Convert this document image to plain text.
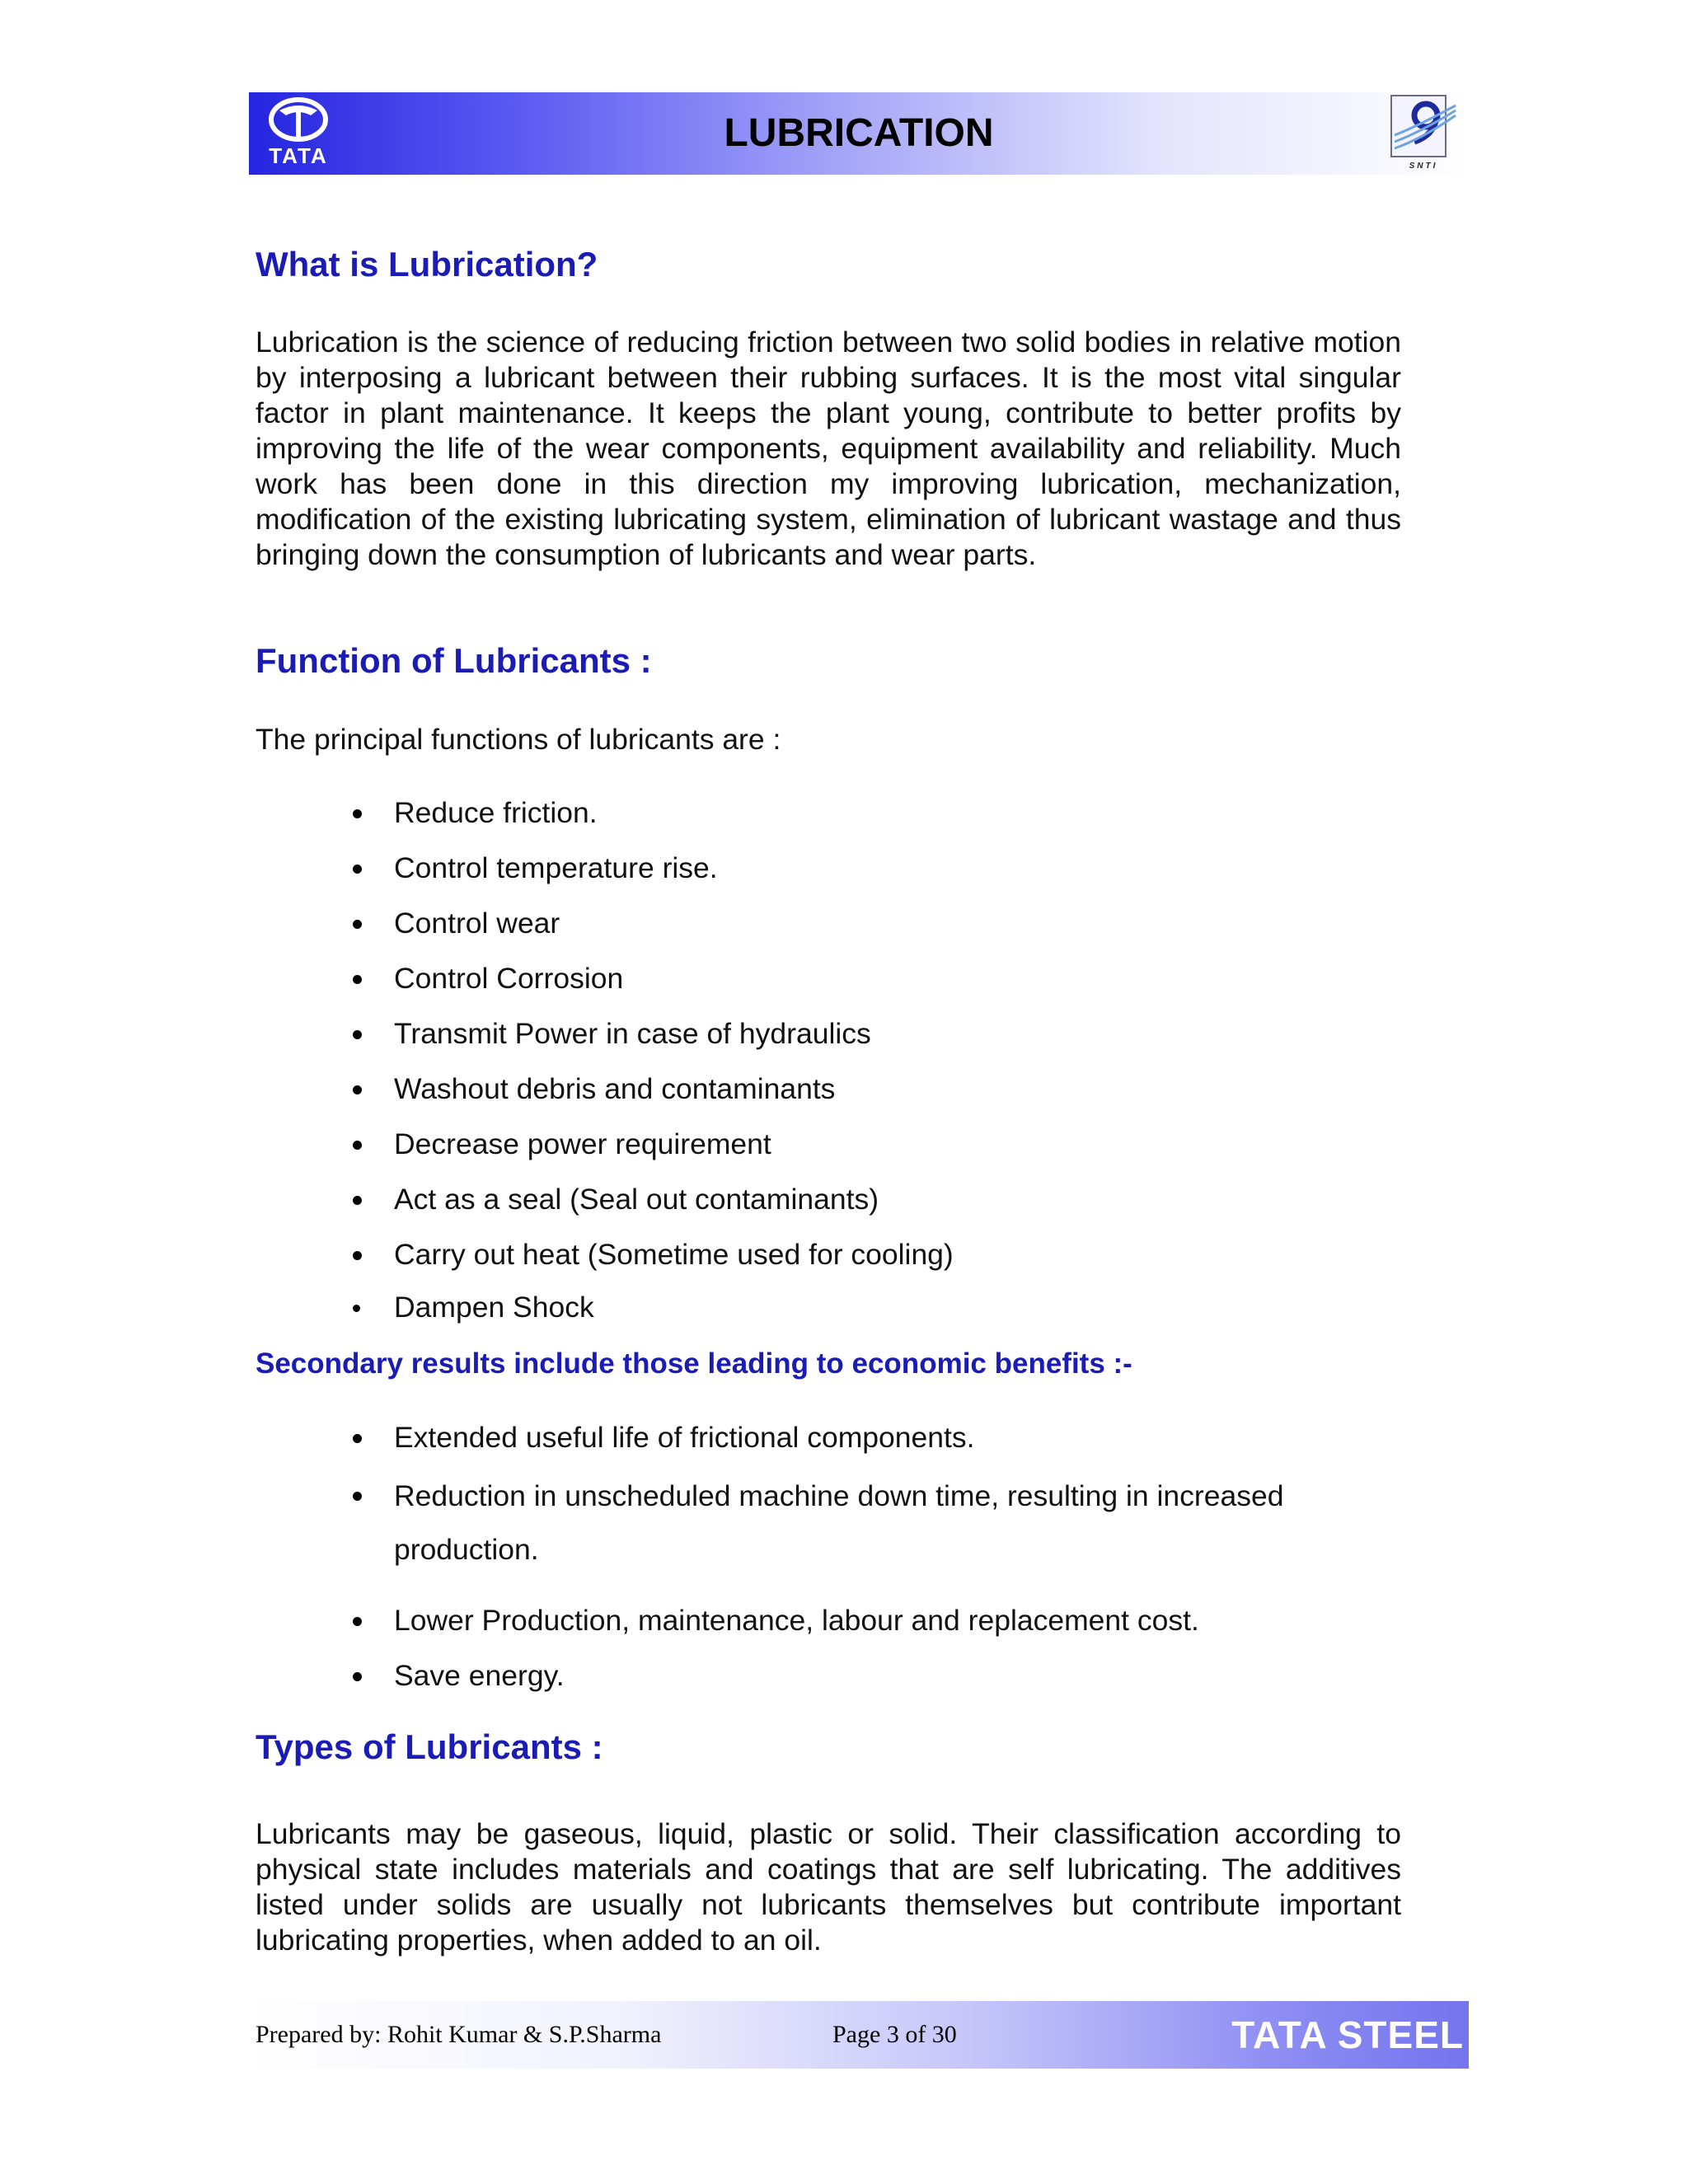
TATA
LUBRICATION
SNTI
What is Lubrication?

Lubrication is the science of reducing friction between two solid bodies in relative motion by interposing a lubricant between their rubbing surfaces. It is the most vital singular factor in plant maintenance. It keeps the plant young, contribute to better profits by improving the life of the wear components, equipment availability and reliability. Much work has been done in this direction my improving lubrication, mechanization, modification of the existing lubricating system, elimination of lubricant wastage and thus bringing down the consumption of lubricants and wear parts.

Function of Lubricants :
The principal functions of lubricants are :
Reduce friction.
Control temperature rise.
Control wear
Control Corrosion
Transmit Power in case of hydraulics
Washout debris and contaminants
Decrease power requirement
Act as a seal (Seal out contaminants)
Carry out heat (Sometime used for cooling)
Dampen Shock
Secondary results include those leading to economic benefits :-
Extended useful life of frictional components.
Reduction in unscheduled machine down time, resulting in increased production.
Lower Production, maintenance, labour and replacement cost.
Save energy.
Types of Lubricants :

Lubricants may be gaseous, liquid, plastic or solid. Their classification according to physical state includes materials and coatings that are self lubricating. The additives listed under solids are usually not lubricants themselves but contribute important lubricating properties, when added to an oil.

Prepared by: Rohit Kumar & S.P.Sharma	Page 3 of 30	TATA STEEL
